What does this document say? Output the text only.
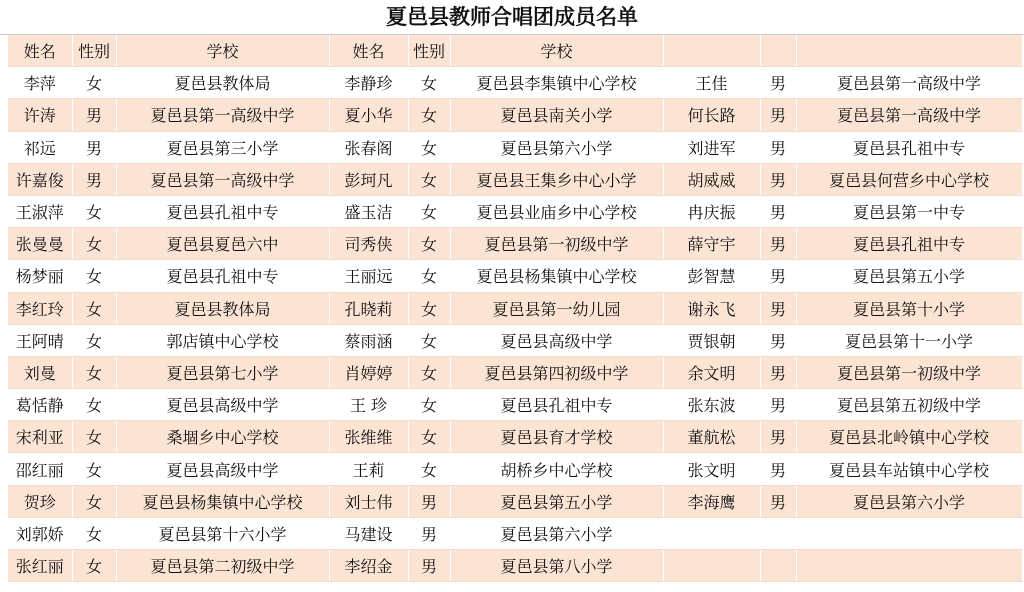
夏邑县教师合唱团成员名单
姓名	性别	学校	姓名	性别	学校			
李萍	女	夏邑县教体局	李静珍	女	夏邑县李集镇中心学校	王佳	男	夏邑县第一高级中学
许涛	男	夏邑县第一高级中学	夏小华	女	夏邑县南关小学	何长路	男	夏邑县第一高级中学
祁远	男	夏邑县第三小学	张春阁	女	夏邑县第六小学	刘进军	男	夏邑县孔祖中专
许嘉俊	男	夏邑县第一高级中学	彭珂凡	女	夏邑县王集乡中心小学	胡威威	男	夏邑县何营乡中心学校
王淑萍	女	夏邑县孔祖中专	盛玉洁	女	夏邑县业庙乡中心学校	冉庆振	男	夏邑县第一中专
张曼曼	女	夏邑县夏邑六中	司秀侠	女	夏邑县第一初级中学	薛守宇	男	夏邑县孔祖中专
杨梦丽	女	夏邑县孔祖中专	王丽远	女	夏邑县杨集镇中心学校	彭智慧	男	夏邑县第五小学
李红玲	女	夏邑县教体局	孔晓莉	女	夏邑县第一幼儿园	谢永飞	男	夏邑县第十小学
王阿晴	女	郭店镇中心学校	蔡雨涵	女	夏邑县高级中学	贾银朝	男	夏邑县第十一小学
刘曼	女	夏邑县第七小学	肖婷婷	女	夏邑县第四初级中学	余文明	男	夏邑县第一初级中学
葛恬静	女	夏邑县高级中学	王 珍	女	夏邑县孔祖中专	张东波	男	夏邑县第五初级中学
宋利亚	女	桑堌乡中心学校	张维维	女	夏邑县育才学校	董航松	男	夏邑县北岭镇中心学校
邵红丽	女	夏邑县高级中学	王莉	女	胡桥乡中心学校	张文明	男	夏邑县车站镇中心学校
贺珍	女	夏邑县杨集镇中心学校	刘士伟	男	夏邑县第五小学	李海鹰	男	夏邑县第六小学
刘郭娇	女	夏邑县第十六小学	马建设	男	夏邑县第六小学			
张红丽	女	夏邑县第二初级中学	李绍金	男	夏邑县第八小学			
